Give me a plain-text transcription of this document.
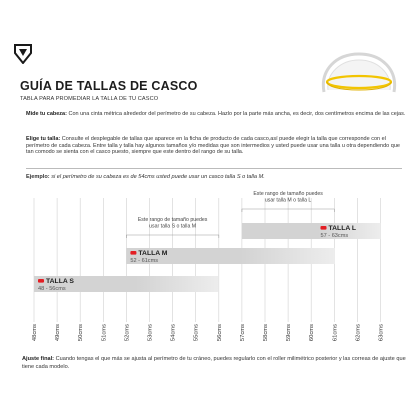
GUÍA DE TALLAS DE CASCO
TABLA PARA PROMEDIAR LA TALLA DE TU CASCO
Mide tu cabeza: Con una cinta métrica alrededor del perímetro de su cabeza. Hazlo por la parte más ancha, es decir, dos centímetros encima de las cejas.
Elige tu talla: Consulte el desplegable de tallas que aparece en la ficha de producto de cada casco,así puede elegir la talla que corresponde con el perímetro de cada cabeza. Entre talla y talla hay algunos tamaños y/o medidas que son intermedios y usted puede usar una talla u otra dependiendo que tan comodo se sienta con el casco puesto, siempre que este dentro del rango de su talla.
Ejemplo: si el perímetro de su cabeza es de 54cms usted puede usar un casco talla S o talla M.
TALLA S
48 - 56cms
TALLA M
52 - 61cms
TALLA L
57 - 63cms
Este rango de tamaño puedes
usar talla S o talla M
Este rango de tamaño puedes
usar talla M o talla L
48cms	49cms	50cms	51cms	52cms	53cms	54cms	55cms	56cms	57cms	58cms	59cms	60cms	61cms	62cms	63cms
Ajuste final: Cuando tengas el que más se ajusta al perímetro de tu cráneo, puedes regularlo con el roller milimétrico posterior y las correas de ajuste que tiene cada modelo.
